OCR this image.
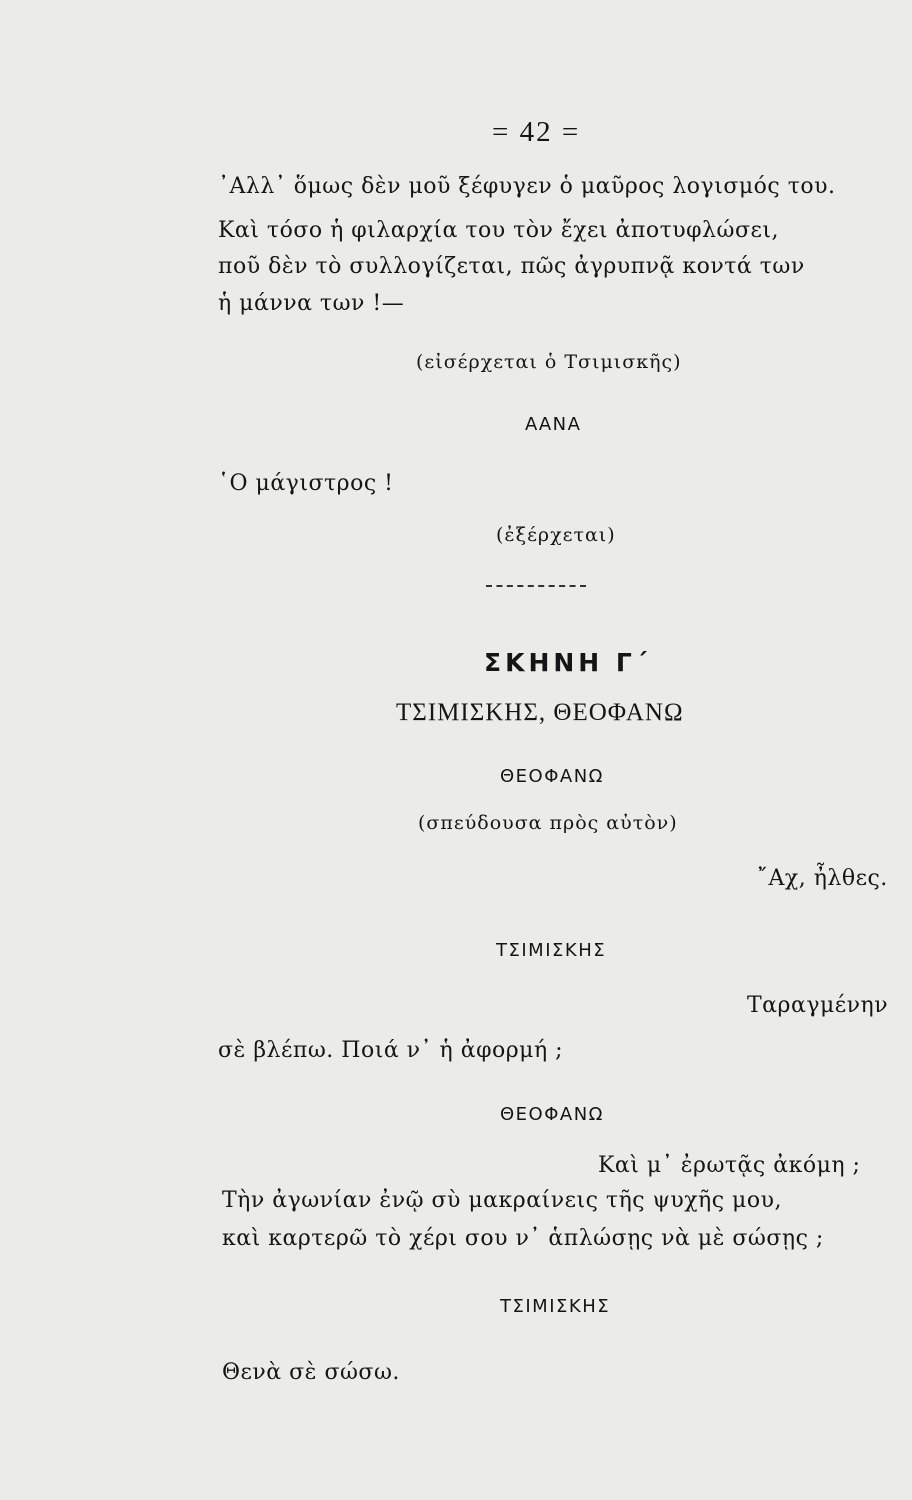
= 42 =
᾿Αλλ᾿ ὅμως δὲν μοῦ ξέφυγεν ὁ μαῦρος λογισμός του.
Καὶ τόσο ἡ φιλαρχία του τὸν ἔχει ἀποτυφλώσει,
ποῦ δὲν τὸ συλλογίζεται, πῶς ἀγρυπνᾷ κοντά των
ἡ μάννα των !—
(εἰσέρχεται ὁ Τσιμισκῆς)
ΑΑΝΑ
῾Ο μάγιστρος !
(ἐξέρχεται)
ΣΚΗΝΗ Γ΄
ΤΣΙΜΙΣΚΗΣ, ΘΕΟΦΑΝΩ
ΘΕΟΦΑΝΩ
(σπεύδουσα πρὸς αὐτὸν)
῎Αχ, ἦλθες.
ΤΣΙΜΙΣΚΗΣ
Ταραγμένην
σὲ βλέπω. Ποιά ν᾿ ἡ ἀφορμή ;
ΘΕΟΦΑΝΩ
Καὶ μ᾿ ἐρωτᾷς ἀκόμη ;
Τὴν ἀγωνίαν ἐνῷ σὺ μακραίνεις τῆς ψυχῆς μου,
καὶ καρτερῶ τὸ χέρι σου ν᾿ ἁπλώσῃς νὰ μὲ σώσῃς ;
ΤΣΙΜΙΣΚΗΣ
Θενὰ σὲ σώσω.
